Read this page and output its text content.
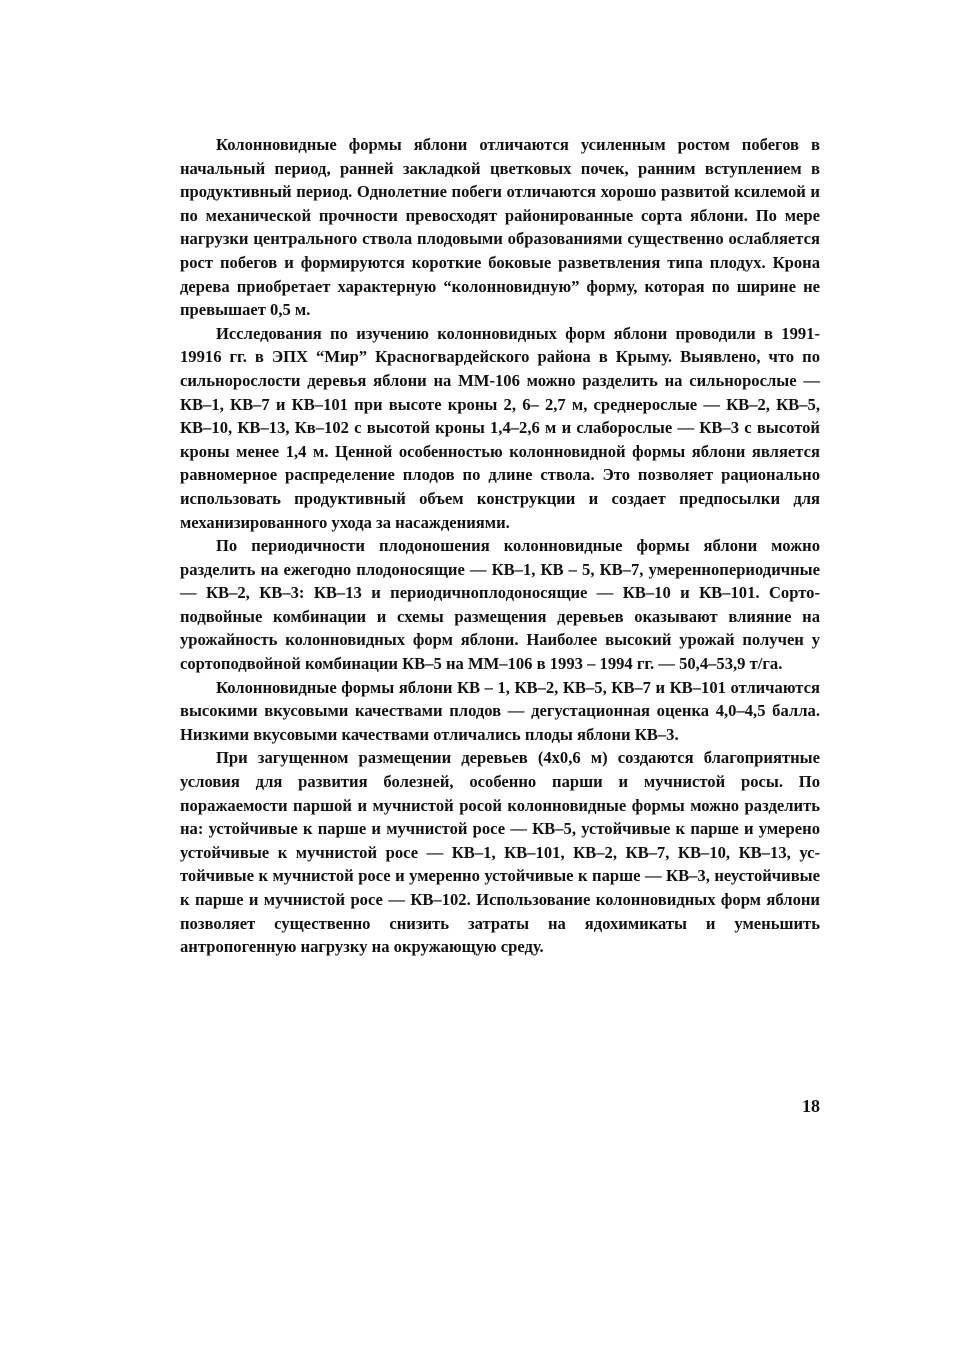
Колонновидные формы яблони отличаются усиленным ростом побегов в начальный период, ранней закладкой цветковых почек, ранним вступлением в продуктивный период. Однолетние побеги отличаются хорошо развитой ксилемой и по механической прочности превосходят районированные сорта яблони. По мере нагрузки центрального ствола плодовыми образованиями существенно ослабляется рост побегов и формируются короткие боковые разветвления типа плодух. Крона дерева приобретает характерную “колонновидную” форму, которая по ширине не превышает 0,5 м.

Исследования по изучению колонновидных форм яблони проводили в 1991-19916 гг. в ЭПХ “Мир” Красногвардейского района в Крыму. Выявлено, что по сильнорослости деревья яблони на ММ-106 можно разделить на сильнорослые — КВ–1, КВ–7 и КВ–101 при высоте кроны 2, 6– 2,7 м, среднерослые — КВ–2, КВ–5, КВ–10, КВ–13, Кв–102 с высотой кроны 1,4–2,6 м и слаборослые — КВ–3 с высотой кроны менее 1,4 м. Ценной особенностью колонновидной формы яблони является равномерное распределение плодов по длине ствола. Это позволяет рационально использовать продуктивный объем конструкции и создает предпосылки для механизированного ухода за насаждениями.

По периодичности плодоношения колонновидные формы яблони можно разделить на ежегодно плодоносящие — КВ–1, КВ – 5, КВ–7, умереннопериодичные — КВ–2, КВ–3: КВ–13 и периодичноплодоносящие — КВ–10 и КВ–101. Сорто-подвойные комбинации и схемы размещения деревьев оказывают влияние на урожайность колонновидных форм яблони. Наиболее высокий урожай получен у сортоподвойной комбинации КВ–5 на ММ–106 в 1993 – 1994 гг. — 50,4–53,9 т/га.

Колонновидные формы яблони КВ – 1, КВ–2, КВ–5, КВ–7 и КВ–101 отличаются высокими вкусовыми качествами плодов — дегустационная оценка 4,0–4,5 балла. Низкими вкусовыми качествами отличались плоды яблони КВ–3.

При загущенном размещении деревьев (4х0,6 м) создаются благоприятные условия для развития болезней, особенно парши и мучнистой росы. По поражаемости паршой и мучнистой росой колонновидные формы можно разделить на: устойчивые к парше и мучнистой росе — КВ–5, устойчивые к парше и умерено устойчивые к мучнистой росе — КВ–1, КВ–101, КВ–2, КВ–7, КВ–10, КВ–13, устойчивые к мучнистой росе и умеренно устойчивые к парше — КВ–3, неустойчивые к парше и мучнистой росе — КВ–102. Использование колонновидных форм яблони позволяет существенно снизить затраты на ядохимикаты и уменьшить антропогенную нагрузку на окружающую среду.

18
